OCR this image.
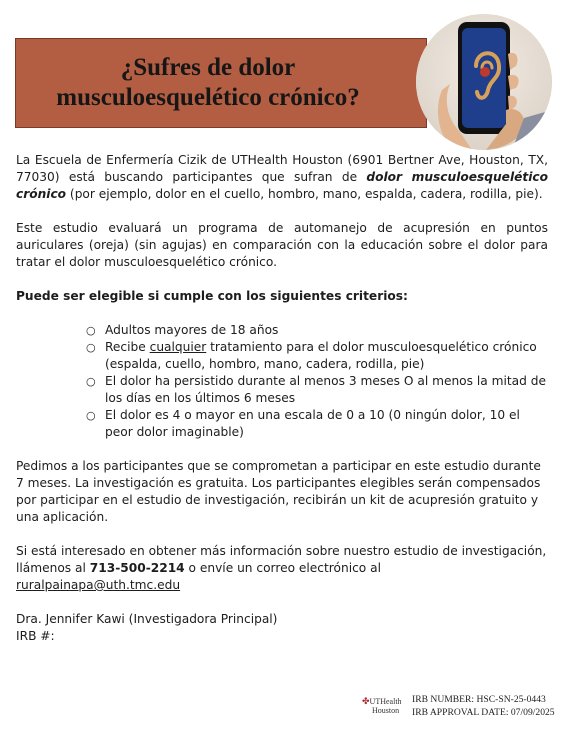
¿Sufres de dolor
musculoesquelético crónico?

La Escuela de Enfermería Cizik de UTHealth Houston (6901 Bertner Ave, Houston, TX, 77030) está buscando participantes que sufran de dolor musculoesquelético crónico (por ejemplo, dolor en el cuello, hombro, mano, espalda, cadera, rodilla, pie).

Este estudio evaluará un programa de automanejo de acupresión en puntos auriculares (oreja) (sin agujas) en comparación con la educación sobre el dolor para tratar el dolor musculoesquelético crónico.

Puede ser elegible si cumple con los siguientes criterios:

○ Adultos mayores de 18 años
○ Recibe cualquier tratamiento para el dolor musculoesquelético crónico (espalda, cuello, hombro, mano, cadera, rodilla, pie)
○ El dolor ha persistido durante al menos 3 meses O al menos la mitad de los días en los últimos 6 meses
○ El dolor es 4 o mayor en una escala de 0 a 10 (0 ningún dolor, 10 el peor dolor imaginable)

Pedimos a los participantes que se comprometan a participar en este estudio durante 7 meses. La investigación es gratuita. Los participantes elegibles serán compensados por participar en el estudio de investigación, recibirán un kit de acupresión gratuito y una aplicación.

Si está interesado en obtener más información sobre nuestro estudio de investigación, llámenos al 713-500-2214 o envíe un correo electrónico al ruralpainapa@uth.tmc.edu

Dra. Jennifer Kawi (Investigadora Principal)
IRB #:

✤UTHealth
Houston
IRB NUMBER: HSC-SN-25-0443
IRB APPROVAL DATE: 07/09/2025
